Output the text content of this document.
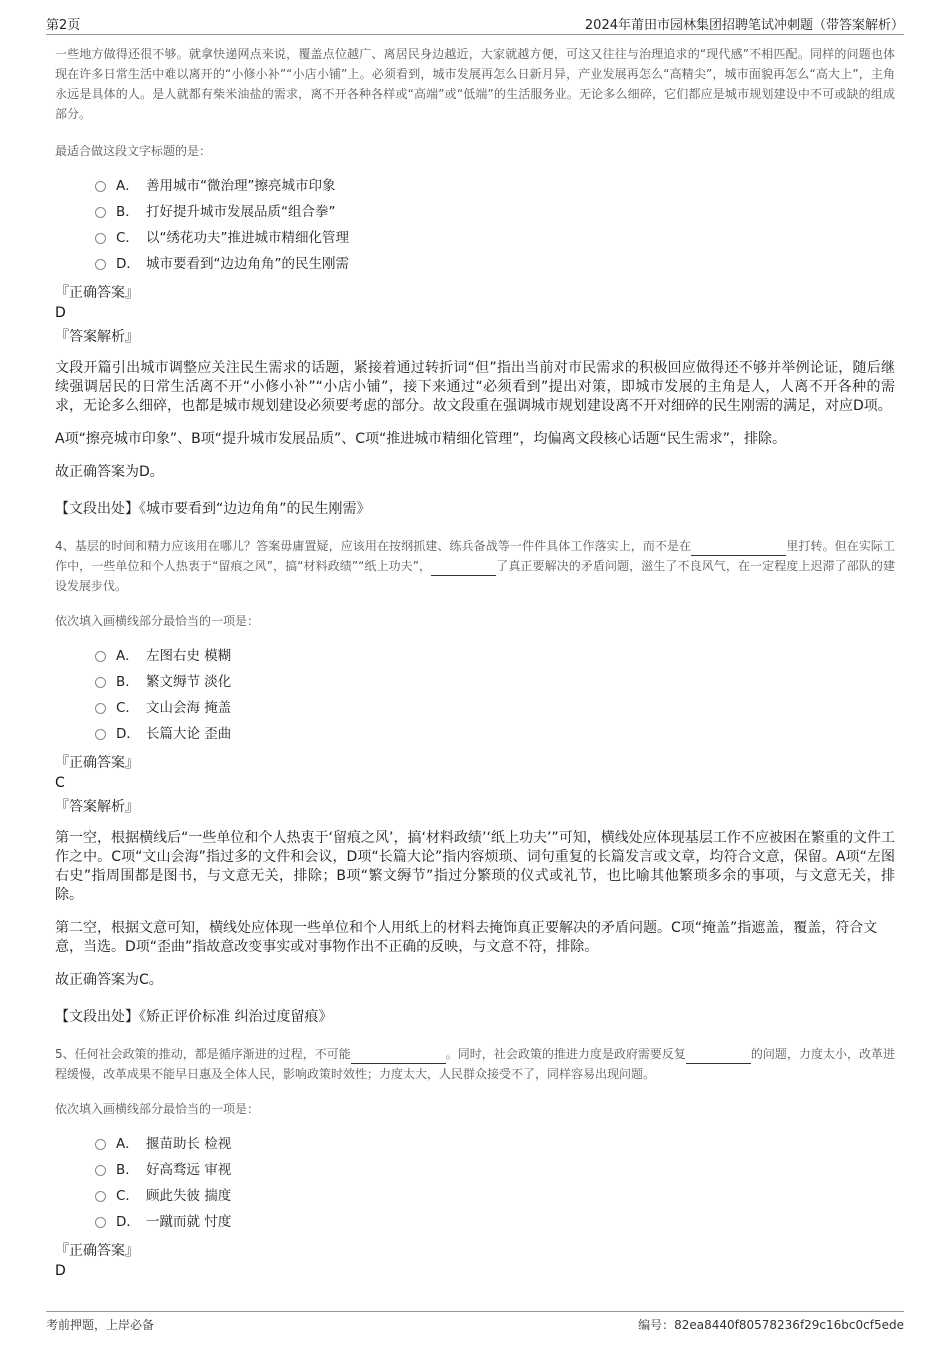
第2页	2024年莆田市园林集团招聘笔试冲刺题（带答案解析）

一些地方做得还很不够。就拿快递网点来说，覆盖点位越广、离居民身边越近，大家就越方便，可这又往往与治理追求的“现代感”不相匹配。同样的问题也体现在许多日常生活中难以离开的“小修小补”“小店小铺”上。必须看到，城市发展再怎么日新月异，产业发展再怎么“高精尖”，城市面貌再怎么“高大上”，主角永远是具体的人。是人就都有柴米油盐的需求，离不开各种各样或“高端”或“低端”的生活服务业。无论多么细碎，它们都应是城市规划建设中不可或缺的组成部分。

最适合做这段文字标题的是：

A． 善用城市“微治理”擦亮城市印象
B． 打好提升城市发展品质“组合拳”
C． 以“绣花功夫”推进城市精细化管理
D． 城市要看到“边边角角”的民生刚需

『正确答案』

D

『答案解析』

文段开篇引出城市调整应关注民生需求的话题，紧接着通过转折词“但”指出当前对市民需求的积极回应做得还不够并举例论证，随后继续强调居民的日常生活离不开“小修小补”“小店小铺”，接下来通过“必须看到”提出对策，即城市发展的主角是人，人离不开各种的需求，无论多么细碎，也都是城市规划建设必须要考虑的部分。故文段重在强调城市规划建设离不开对细碎的民生刚需的满足，对应D项。

A项“擦亮城市印象”、B项“提升城市发展品质”、C项“推进城市精细化管理”，均偏离文段核心话题“民生需求”，排除。

故正确答案为D。

【文段出处】《城市要看到“边边角角”的民生刚需》

4、基层的时间和精力应该用在哪儿？答案毋庸置疑，应该用在按纲抓建、练兵备战等一件件具体工作落实上，而不是在	里打转。但在实际工作中，一些单位和个人热衷于“留痕之风”，搞“材料政绩”“纸上功夫”，	了真正要解决的矛盾问题，滋生了不良风气，在一定程度上迟滞了部队的建设发展步伐。

依次填入画横线部分最恰当的一项是：

A． 左图右史 模糊
B． 繁文缛节 淡化
C． 文山会海 掩盖
D． 长篇大论 歪曲

『正确答案』

C

『答案解析』

第一空，根据横线后“一些单位和个人热衷于‘留痕之风’，搞‘材料政绩’‘纸上功夫’”可知，横线处应体现基层工作不应被困在繁重的文件工作之中。C项“文山会海”指过多的文件和会议，D项“长篇大论”指内容烦琐、词句重复的长篇发言或文章，均符合文意，保留。A项“左图右史”指周围都是图书，与文意无关，排除；B项“繁文缛节”指过分繁琐的仪式或礼节，也比喻其他繁琐多余的事项，与文意无关，排除。

第二空，根据文意可知，横线处应体现一些单位和个人用纸上的材料去掩饰真正要解决的矛盾问题。C项“掩盖”指遮盖，覆盖，符合文意，当选。D项“歪曲”指故意改变事实或对事物作出不正确的反映，与文意不符，排除。

故正确答案为C。

【文段出处】《矫正评价标准 纠治过度留痕》

5、任何社会政策的推动，都是循序渐进的过程，不可能	。同时，社会政策的推进力度是政府需要反复	的问题，力度太小，改革进程缓慢，改革成果不能早日惠及全体人民，影响政策时效性；力度太大，人民群众接受不了，同样容易出现问题。

依次填入画横线部分最恰当的一项是：

A． 揠苗助长 检视
B． 好高骛远 审视
C． 顾此失彼 揣度
D． 一蹴而就 忖度

『正确答案』

D

考前押题，上岸必备	编号：82ea8440f80578236f29c16bc0cf5ede
